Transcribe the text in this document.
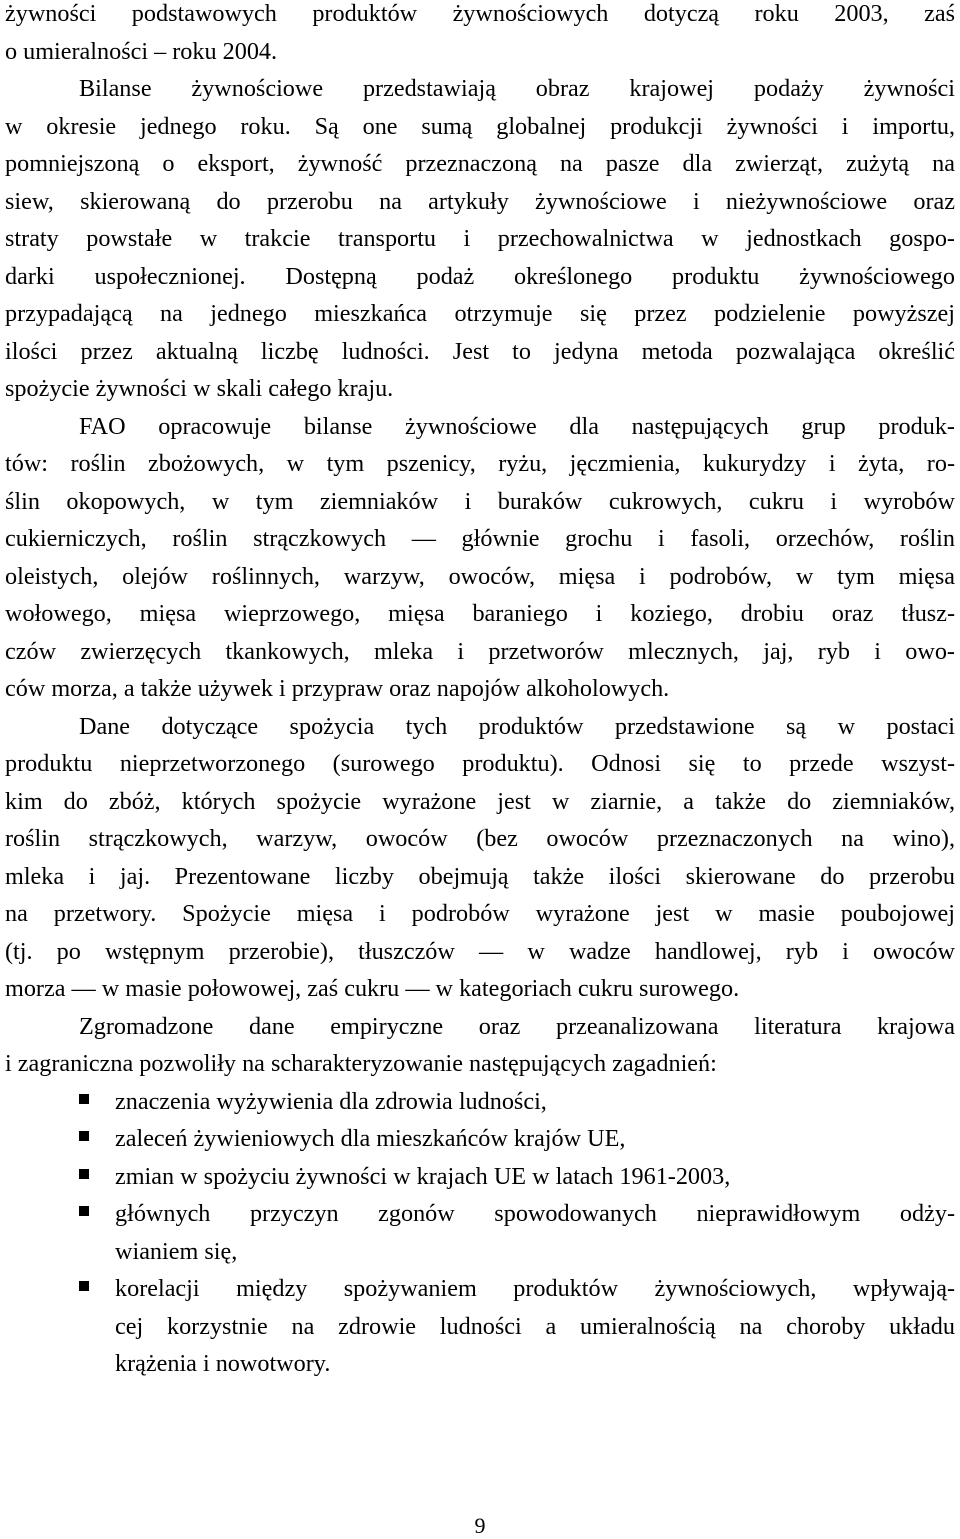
żywności podstawowych produktów żywnościowych dotyczą roku 2003, zaś
o umieralności – roku 2004.
Bilanse żywnościowe przedstawiają obraz krajowej podaży żywności
w okresie jednego roku. Są one sumą globalnej produkcji żywności i importu,
pomniejszoną o eksport, żywność przeznaczoną na pasze dla zwierząt, zużytą na
siew, skierowaną do przerobu na artykuły żywnościowe i nieżywnościowe oraz
straty powstałe w trakcie transportu i przechowalnictwa w jednostkach gospo-
darki uspołecznionej. Dostępną podaż określonego produktu żywnościowego
przypadającą na jednego mieszkańca otrzymuje się przez podzielenie powyższej
ilości przez aktualną liczbę ludności. Jest to jedyna metoda pozwalająca określić
spożycie żywności w skali całego kraju.
FAO opracowuje bilanse żywnościowe dla następujących grup produk-
tów: roślin zbożowych, w tym pszenicy, ryżu, jęczmienia, kukurydzy i żyta, ro-
ślin okopowych, w tym ziemniaków i buraków cukrowych, cukru i wyrobów
cukierniczych, roślin strączkowych — głównie grochu i fasoli, orzechów, roślin
oleistych, olejów roślinnych, warzyw, owoców, mięsa i podrobów, w tym mięsa
wołowego, mięsa wieprzowego, mięsa baraniego i koziego, drobiu oraz tłusz-
czów zwierzęcych tkankowych, mleka i przetworów mlecznych, jaj, ryb i owo-
ców morza, a także używek i przypraw oraz napojów alkoholowych.
Dane dotyczące spożycia tych produktów przedstawione są w postaci
produktu nieprzetworzonego (surowego produktu). Odnosi się to przede wszyst-
kim do zbóż, których spożycie wyrażone jest w ziarnie, a także do ziemniaków,
roślin strączkowych, warzyw, owoców (bez owoców przeznaczonych na wino),
mleka i jaj. Prezentowane liczby obejmują także ilości skierowane do przerobu
na przetwory. Spożycie mięsa i podrobów wyrażone jest w masie poubojowej
(tj. po wstępnym przerobie), tłuszczów — w wadze handlowej, ryb i owoców
morza — w masie połowowej, zaś cukru — w kategoriach cukru surowego.
Zgromadzone dane empiryczne oraz przeanalizowana literatura krajowa
i zagraniczna pozwoliły na scharakteryzowanie następujących zagadnień:
znaczenia wyżywienia dla zdrowia ludności,
zaleceń żywieniowych dla mieszkańców krajów UE,
zmian w spożyciu żywności w krajach UE w latach 1961-2003,
głównych przyczyn zgonów spowodowanych nieprawidłowym odży-
wianiem się,
korelacji między spożywaniem produktów żywnościowych, wpływają-
cej korzystnie na zdrowie ludności a umieralnością na choroby układu
krążenia i nowotwory.
9
